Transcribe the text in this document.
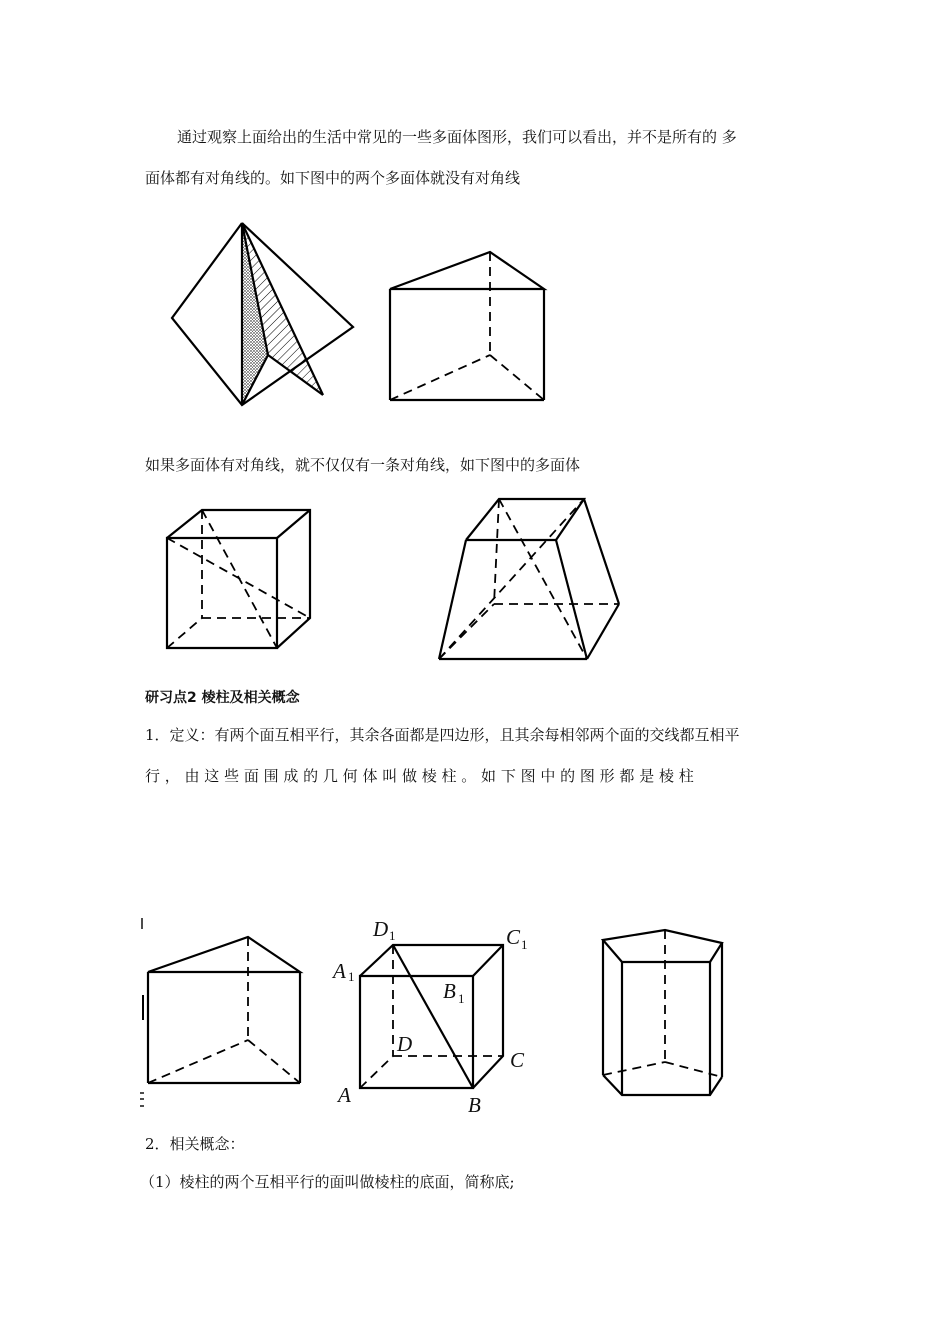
通过观察上面给出的生活中常见的一些多面体图形，我们可以看出，并不是所有的 多
面体都有对角线的。如下图中的两个多面体就没有对角线
如果多面体有对角线，就不仅仅有一条对角线，如下图中的多面体
研习点2 棱柱及相关概念
1．定义：有两个面互相平行，其余各面都是四边形，且其余每相邻两个面的交线都互相平
行 ， 由 这 些 面 围 成 的 几 何 体 叫 做 棱 柱 。 如 下 图 中 的 图 形 都 是 棱 柱
D 1	C 1
A 1
B 1
D
C
A	B
2．相关概念：
（1）棱柱的两个互相平行的面叫做棱柱的底面，简称底;
